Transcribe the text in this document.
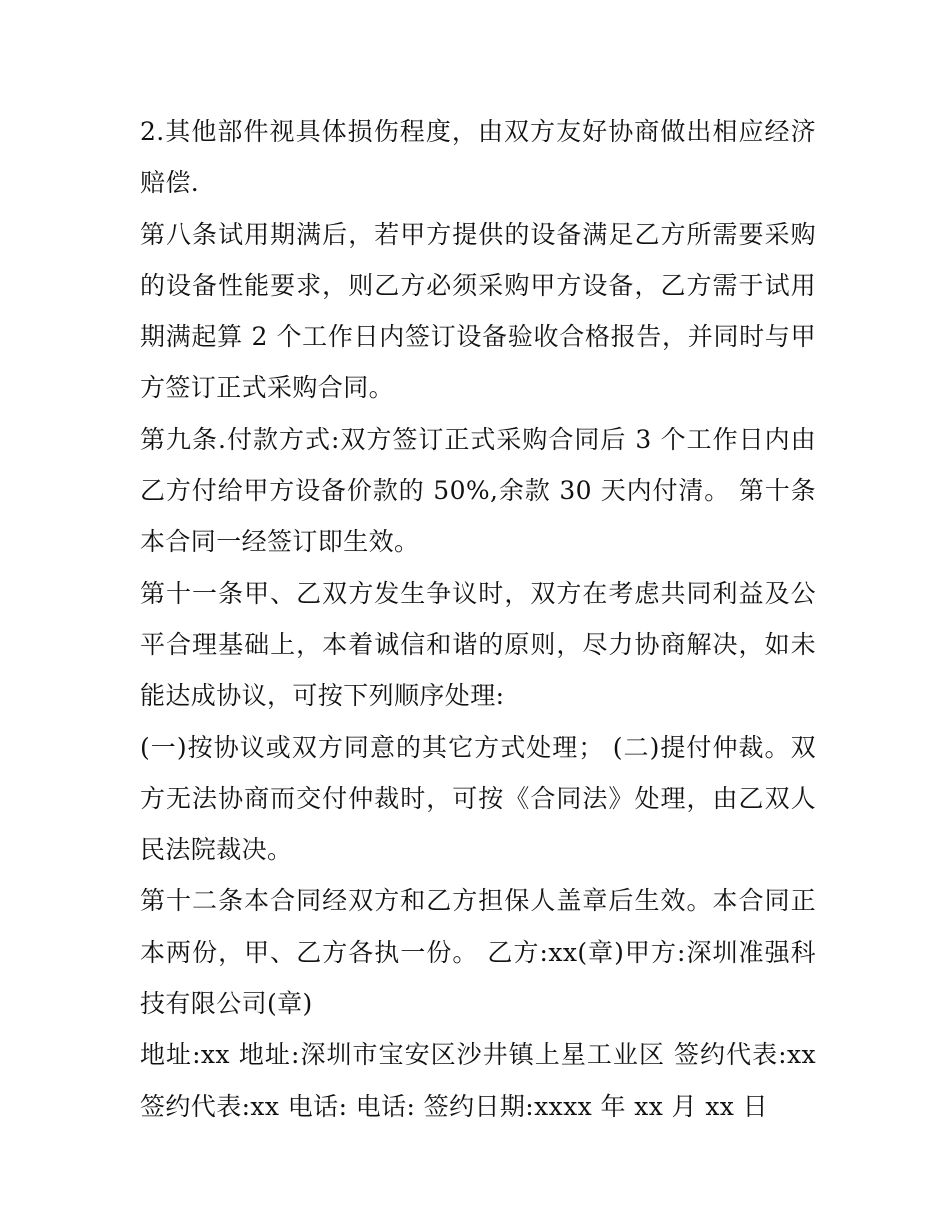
2.其他部件视具体损伤程度，由双方友好协商做出相应经济赔偿.

第八条试用期满后，若甲方提供的设备满足乙方所需要采购的设备性能要求，则乙方必须采购甲方设备，乙方需于试用期满起算 2 个工作日内签订设备验收合格报告，并同时与甲方签订正式采购合同。

第九条.付款方式:双方签订正式采购合同后 3 个工作日内由乙方付给甲方设备价款的 50%,余款 30 天内付清。 第十条本合同一经签订即生效。

第十一条甲、乙双方发生争议时，双方在考虑共同利益及公平合理基础上，本着诚信和谐的原则，尽力协商解决，如未能达成协议，可按下列顺序处理:

(一)按协议或双方同意的其它方式处理； (二)提付仲裁。双方无法协商而交付仲裁时，可按《合同法》处理，由乙双人民法院裁决。

第十二条本合同经双方和乙方担保人盖章后生效。本合同正本两份，甲、乙方各执一份。 乙方:xx(章)甲方:深圳准强科技有限公司(章)

地址:xx 地址:深圳市宝安区沙井镇上星工业区 签约代表:xx 签约代表:xx 电话: 电话: 签约日期:xxxx 年 xx 月 xx 日
